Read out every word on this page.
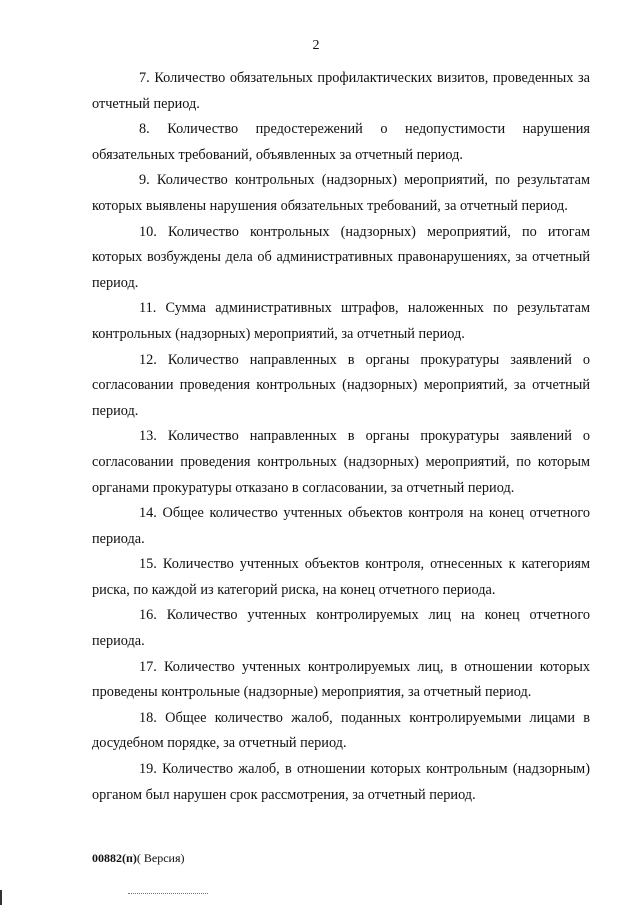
2

7. Количество обязательных профилактических визитов, проведенных за отчетный период.

8. Количество предостережений о недопустимости нарушения обязательных требований, объявленных за отчетный период.

9. Количество контрольных (надзорных) мероприятий, по результатам которых выявлены нарушения обязательных требований, за отчетный период.

10. Количество контрольных (надзорных) мероприятий, по итогам которых возбуждены дела об административных правонарушениях, за отчетный период.

11. Сумма административных штрафов, наложенных по результатам контрольных (надзорных) мероприятий, за отчетный период.

12. Количество направленных в органы прокуратуры заявлений о согласовании проведения контрольных (надзорных) мероприятий, за отчетный период.

13. Количество направленных в органы прокуратуры заявлений о согласовании проведения контрольных (надзорных) мероприятий, по которым органами прокуратуры отказано в согласовании, за отчетный период.

14. Общее количество учтенных объектов контроля на конец отчетного периода.

15. Количество учтенных объектов контроля, отнесенных к категориям риска, по каждой из категорий риска, на конец отчетного периода.

16. Количество учтенных контролируемых лиц на конец отчетного периода.

17. Количество учтенных контролируемых лиц, в отношении которых проведены контрольные (надзорные) мероприятия, за отчетный период.

18. Общее количество жалоб, поданных контролируемыми лицами в досудебном порядке, за отчетный период.

19. Количество жалоб, в отношении которых контрольным (надзорным) органом был нарушен срок рассмотрения, за отчетный период.

00882(п)( Версия)
